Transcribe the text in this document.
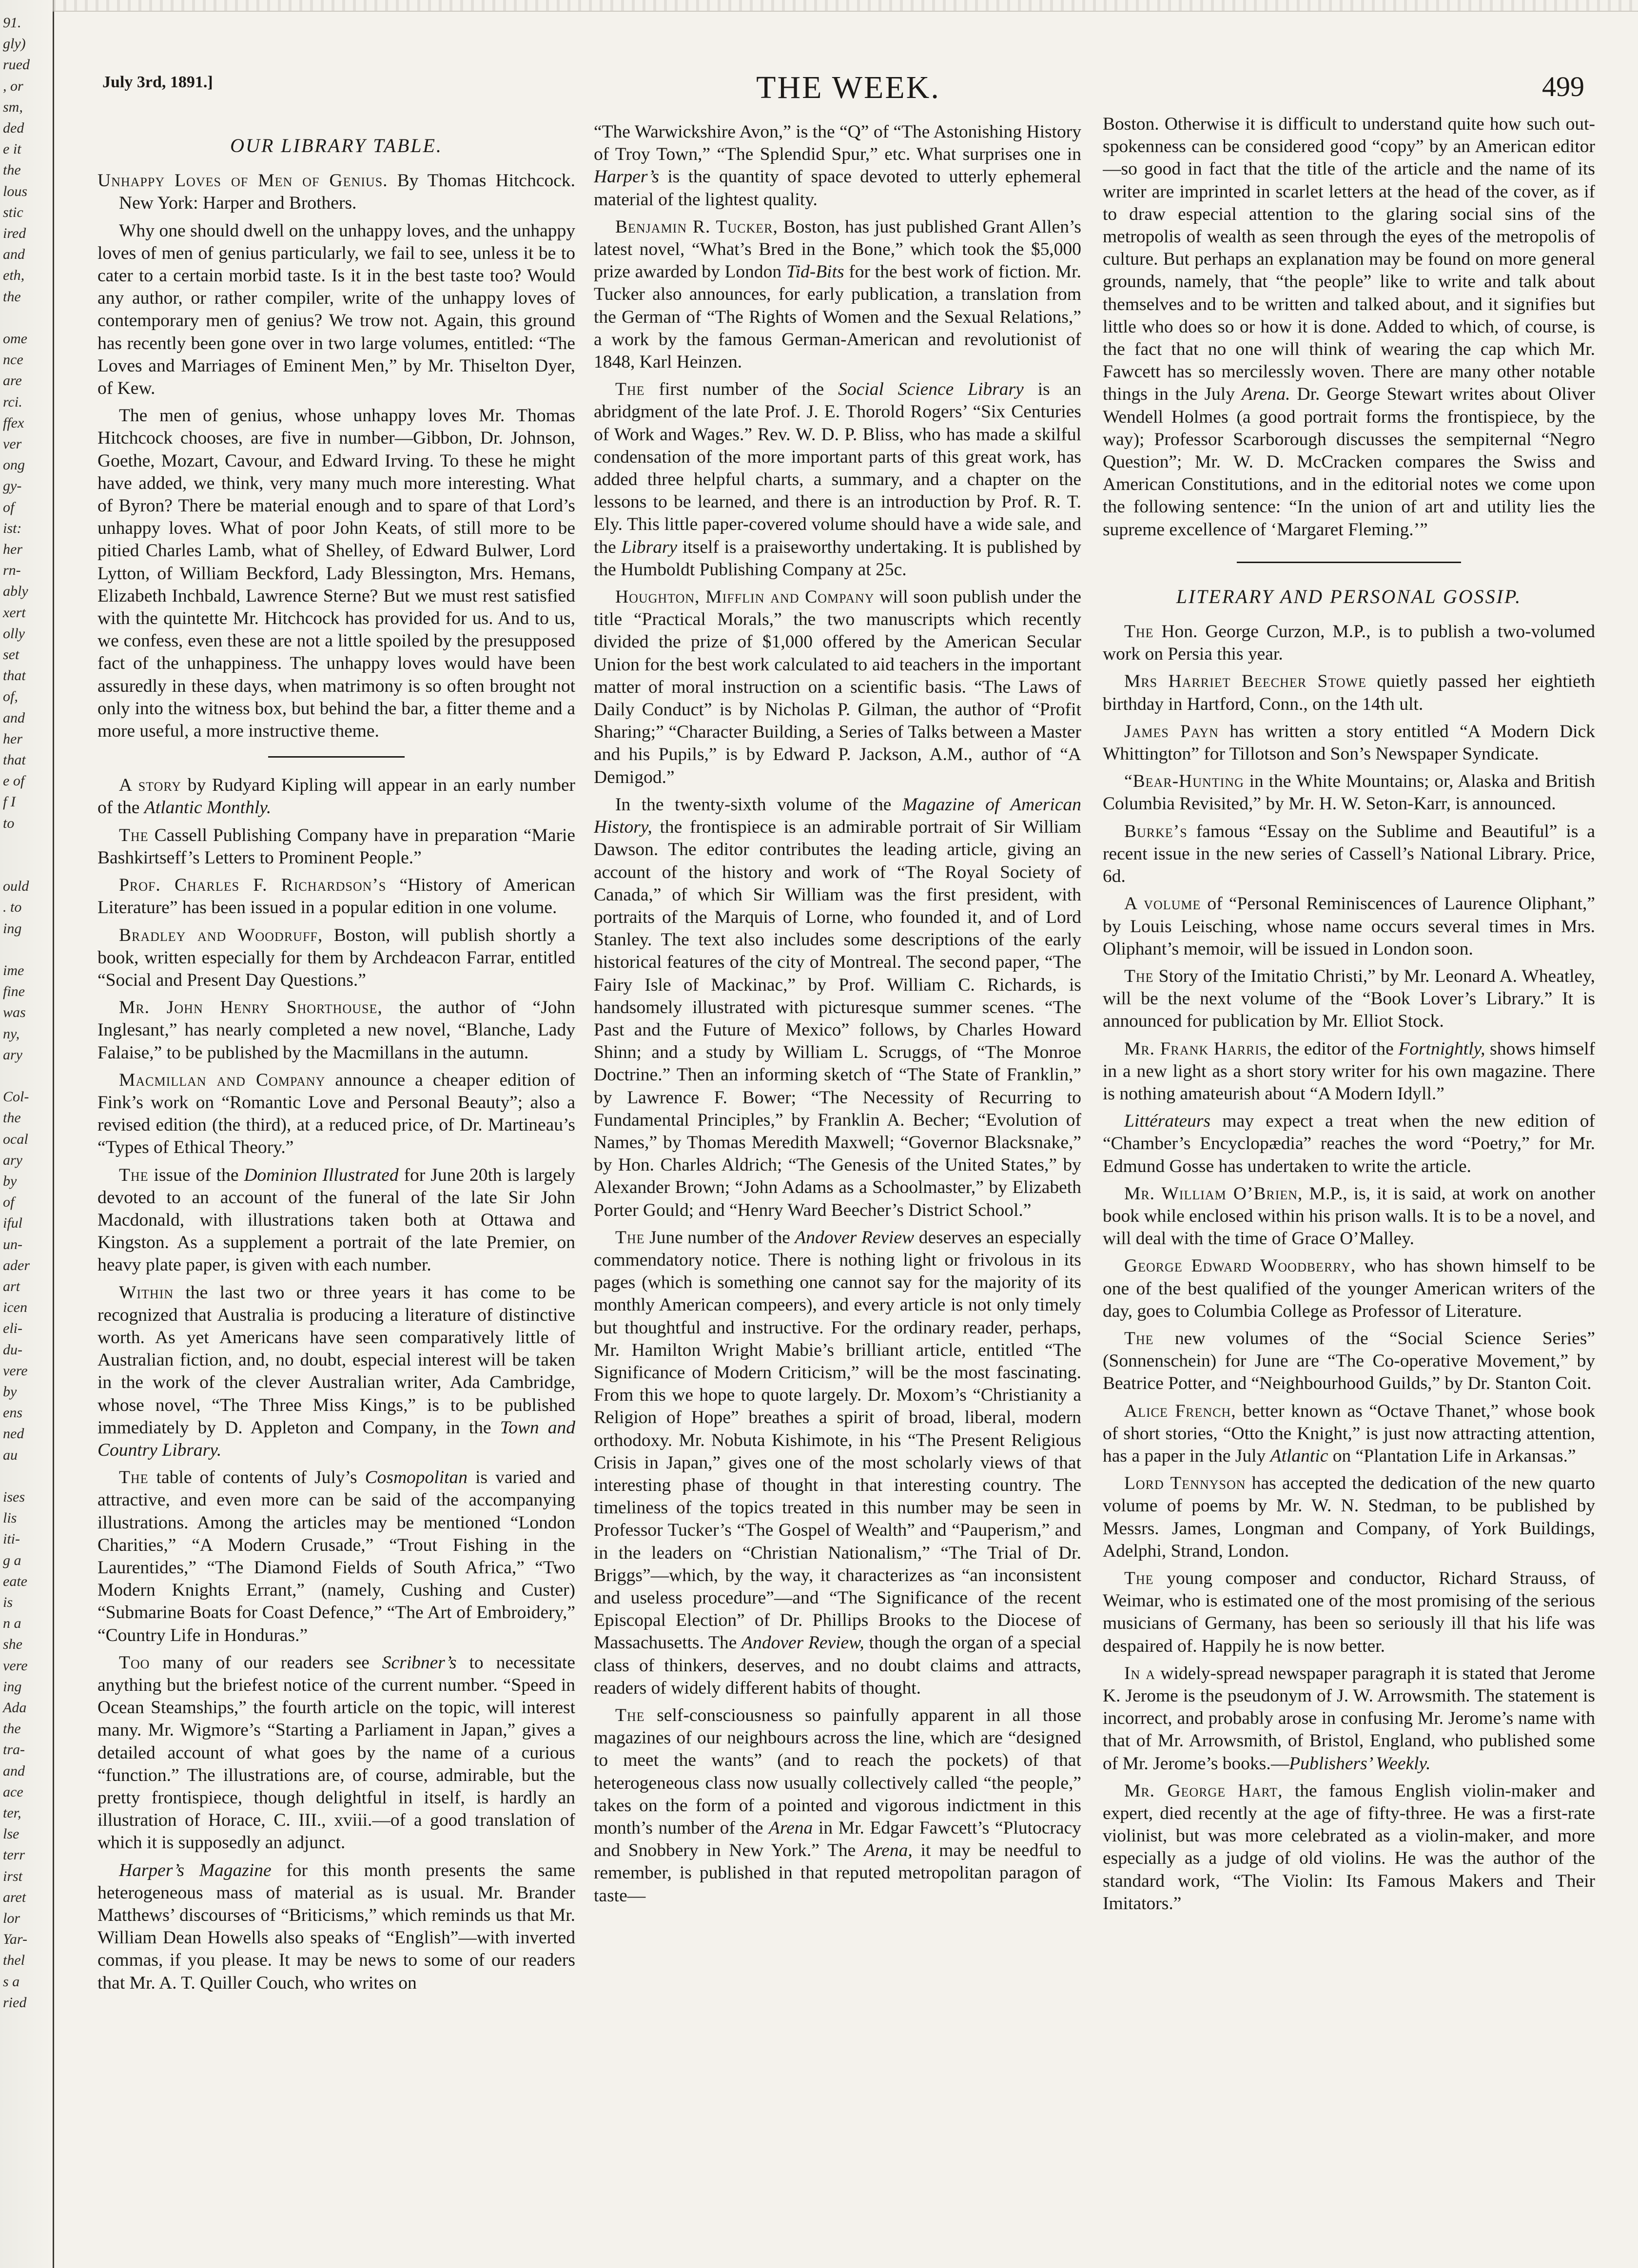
91.
gly)
rued
, or
sm,
ded
e it
the
lous
stic
ired
and
eth,
the
ome
nce
are
rci.
ffex
ver
ong
gy-
of
ist:
her
rn-
ably
xert
olly
set
that
of,
and
her
that
e of
f I
to
ould
. to
ing
ime
fine
was
ny,
ary
Col-
the
ocal
ary
by
of
iful
un-
ader
art
icen
eli-
du-
vere
by
ens
ned
au
ises
lis
iti-
g a
eate
is
n a
she
vere
ing
Ada
the
tra-
and
ace
ter,
lse
terr
irst
aret
lor
Yar-
thel
s a
ried
July 3rd, 1891.]	THE WEEK.	499
OUR LIBRARY TABLE.

Unhappy Loves of Men of Genius. By Thomas Hitchcock. New York: Harper and Brothers.

Why one should dwell on the unhappy loves, and the unhappy loves of men of genius particularly, we fail to see, unless it be to cater to a certain morbid taste. Is it in the best taste too? Would any author, or rather compiler, write of the unhappy loves of contemporary men of genius? We trow not. Again, this ground has recently been gone over in two large volumes, entitled: “The Loves and Marriages of Eminent Men,” by Mr. Thiselton Dyer, of Kew.

The men of genius, whose unhappy loves Mr. Thomas Hitchcock chooses, are five in number—Gibbon, Dr. Johnson, Goethe, Mozart, Cavour, and Edward Irving. To these he might have added, we think, very many much more interesting. What of Byron? There be material enough and to spare of that Lord’s unhappy loves. What of poor John Keats, of still more to be pitied Charles Lamb, what of Shelley, of Edward Bulwer, Lord Lytton, of William Beckford, Lady Blessington, Mrs. Hemans, Elizabeth Inchbald, Lawrence Sterne? But we must rest satisfied with the quintette Mr. Hitchcock has provided for us. And to us, we confess, even these are not a little spoiled by the presupposed fact of the unhappiness. The unhappy loves would have been assuredly in these days, when matrimony is so often brought not only into the witness box, but behind the bar, a fitter theme and a more useful, a more instructive theme.

A story by Rudyard Kipling will appear in an early number of the Atlantic Monthly.

The Cassell Publishing Company have in preparation “Marie Bashkirtseff’s Letters to Prominent People.”

Prof. Charles F. Richardson’s “History of American Literature” has been issued in a popular edition in one volume.

Bradley and Woodruff, Boston, will publish shortly a book, written especially for them by Archdeacon Farrar, entitled “Social and Present Day Questions.”

Mr. John Henry Shorthouse, the author of “John Inglesant,” has nearly completed a new novel, “Blanche, Lady Falaise,” to be published by the Macmillans in the autumn.

Macmillan and Company announce a cheaper edition of Fink’s work on “Romantic Love and Personal Beauty”; also a revised edition (the third), at a reduced price, of Dr. Martineau’s “Types of Ethical Theory.”

The issue of the Dominion Illustrated for June 20th is largely devoted to an account of the funeral of the late Sir John Macdonald, with illustrations taken both at Ottawa and Kingston. As a supplement a portrait of the late Premier, on heavy plate paper, is given with each number.

Within the last two or three years it has come to be recognized that Australia is producing a literature of distinctive worth. As yet Americans have seen comparatively little of Australian fiction, and, no doubt, especial interest will be taken in the work of the clever Australian writer, Ada Cambridge, whose novel, “The Three Miss Kings,” is to be published immediately by D. Appleton and Company, in the Town and Country Library.

The table of contents of July’s Cosmopolitan is varied and attractive, and even more can be said of the accompanying illustrations. Among the articles may be mentioned “London Charities,” “A Modern Crusade,” “Trout Fishing in the Laurentides,” “The Diamond Fields of South Africa,” “Two Modern Knights Errant,” (namely, Cushing and Custer) “Submarine Boats for Coast Defence,” “The Art of Embroidery,” “Country Life in Honduras.”

Too many of our readers see Scribner’s to necessitate anything but the briefest notice of the current number. “Speed in Ocean Steamships,” the fourth article on the topic, will interest many. Mr. Wigmore’s “Starting a Parliament in Japan,” gives a detailed account of what goes by the name of a curious “function.” The illustrations are, of course, admirable, but the pretty frontispiece, though delightful in itself, is hardly an illustration of Horace, C. III., xviii.—of a good translation of which it is supposedly an adjunct.

Harper’s Magazine for this month presents the same heterogeneous mass of material as is usual. Mr. Brander Matthews’ discourses of “Briticisms,” which reminds us that Mr. William Dean Howells also speaks of “English”—with inverted commas, if you please. It may be news to some of our readers that Mr. A. T. Quiller Couch, who writes on

“The Warwickshire Avon,” is the “Q” of “The Astonishing History of Troy Town,” “The Splendid Spur,” etc. What surprises one in Harper’s is the quantity of space devoted to utterly ephemeral material of the lightest quality.

Benjamin R. Tucker, Boston, has just published Grant Allen’s latest novel, “What’s Bred in the Bone,” which took the $5,000 prize awarded by London Tid-Bits for the best work of fiction. Mr. Tucker also announces, for early publication, a translation from the German of “The Rights of Women and the Sexual Relations,” a work by the famous German-American and revolutionist of 1848, Karl Heinzen.

The first number of the Social Science Library is an abridgment of the late Prof. J. E. Thorold Rogers’ “Six Centuries of Work and Wages.” Rev. W. D. P. Bliss, who has made a skilful condensation of the more important parts of this great work, has added three helpful charts, a summary, and a chapter on the lessons to be learned, and there is an introduction by Prof. R. T. Ely. This little paper-covered volume should have a wide sale, and the Library itself is a praiseworthy undertaking. It is published by the Humboldt Publishing Company at 25c.

Houghton, Mifflin and Company will soon publish under the title “Practical Morals,” the two manuscripts which recently divided the prize of $1,000 offered by the American Secular Union for the best work calculated to aid teachers in the important matter of moral instruction on a scientific basis. “The Laws of Daily Conduct” is by Nicholas P. Gilman, the author of “Profit Sharing;” “Character Building, a Series of Talks between a Master and his Pupils,” is by Edward P. Jackson, A.M., author of “A Demigod.”

In the twenty-sixth volume of the Magazine of American History, the frontispiece is an admirable portrait of Sir William Dawson. The editor contributes the leading article, giving an account of the history and work of “The Royal Society of Canada,” of which Sir William was the first president, with portraits of the Marquis of Lorne, who founded it, and of Lord Stanley. The text also includes some descriptions of the early historical features of the city of Montreal. The second paper, “The Fairy Isle of Mackinac,” by Prof. William C. Richards, is handsomely illustrated with picturesque summer scenes. “The Past and the Future of Mexico” follows, by Charles Howard Shinn; and a study by William L. Scruggs, of “The Monroe Doctrine.” Then an informing sketch of “The State of Franklin,” by Lawrence F. Bower; “The Necessity of Recurring to Fundamental Principles,” by Franklin A. Becher; “Evolution of Names,” by Thomas Meredith Maxwell; “Governor Blacksnake,” by Hon. Charles Aldrich; “The Genesis of the United States,” by Alexander Brown; “John Adams as a Schoolmaster,” by Elizabeth Porter Gould; and “Henry Ward Beecher’s District School.”

The June number of the Andover Review deserves an especially commendatory notice. There is nothing light or frivolous in its pages (which is something one cannot say for the majority of its monthly American compeers), and every article is not only timely but thoughtful and instructive. For the ordinary reader, perhaps, Mr. Hamilton Wright Mabie’s brilliant article, entitled “The Significance of Modern Criticism,” will be the most fascinating. From this we hope to quote largely. Dr. Moxom’s “Christianity a Religion of Hope” breathes a spirit of broad, liberal, modern orthodoxy. Mr. Nobuta Kishimote, in his “The Present Religious Crisis in Japan,” gives one of the most scholarly views of that interesting phase of thought in that interesting country. The timeliness of the topics treated in this number may be seen in Professor Tucker’s “The Gospel of Wealth” and “Pauperism,” and in the leaders on “Christian Nationalism,” “The Trial of Dr. Briggs”—which, by the way, it characterizes as “an inconsistent and useless procedure”—and “The Significance of the recent Episcopal Election” of Dr. Phillips Brooks to the Diocese of Massachusetts. The Andover Review, though the organ of a special class of thinkers, deserves, and no doubt claims and attracts, readers of widely different habits of thought.

The self-consciousness so painfully apparent in all those magazines of our neighbours across the line, which are “designed to meet the wants” (and to reach the pockets) of that heterogeneous class now usually collectively called “the people,” takes on the form of a pointed and vigorous indictment in this month’s number of the Arena in Mr. Edgar Fawcett’s “Plutocracy and Snobbery in New York.” The Arena, it may be needful to remember, is published in that reputed metropolitan paragon of taste—

Boston. Otherwise it is difficult to understand quite how such out-spokenness can be considered good “copy” by an American editor—so good in fact that the title of the article and the name of its writer are imprinted in scarlet letters at the head of the cover, as if to draw especial attention to the glaring social sins of the metropolis of wealth as seen through the eyes of the metropolis of culture. But perhaps an explanation may be found on more general grounds, namely, that “the people” like to write and talk about themselves and to be written and talked about, and it signifies but little who does so or how it is done. Added to which, of course, is the fact that no one will think of wearing the cap which Mr. Fawcett has so mercilessly woven. There are many other notable things in the July Arena. Dr. George Stewart writes about Oliver Wendell Holmes (a good portrait forms the frontispiece, by the way); Professor Scarborough discusses the sempiternal “Negro Question”; Mr. W. D. McCracken compares the Swiss and American Constitutions, and in the editorial notes we come upon the following sentence: “In the union of art and utility lies the supreme excellence of ‘Margaret Fleming.’”

LITERARY AND PERSONAL GOSSIP.

The Hon. George Curzon, M.P., is to publish a two-volumed work on Persia this year.

Mrs Harriet Beecher Stowe quietly passed her eightieth birthday in Hartford, Conn., on the 14th ult.

James Payn has written a story entitled “A Modern Dick Whittington” for Tillotson and Son’s Newspaper Syndicate.

“Bear-Hunting in the White Mountains; or, Alaska and British Columbia Revisited,” by Mr. H. W. Seton-Karr, is announced.

Burke’s famous “Essay on the Sublime and Beautiful” is a recent issue in the new series of Cassell’s National Library. Price, 6d.

A volume of “Personal Reminiscences of Laurence Oliphant,” by Louis Leisching, whose name occurs several times in Mrs. Oliphant’s memoir, will be issued in London soon.

The Story of the Imitatio Christi,” by Mr. Leonard A. Wheatley, will be the next volume of the “Book Lover’s Library.” It is announced for publication by Mr. Elliot Stock.

Mr. Frank Harris, the editor of the Fortnightly, shows himself in a new light as a short story writer for his own magazine. There is nothing amateurish about “A Modern Idyll.”

Littérateurs may expect a treat when the new edition of “Chamber’s Encyclopædia” reaches the word “Poetry,” for Mr. Edmund Gosse has undertaken to write the article.

Mr. William O’Brien, M.P., is, it is said, at work on another book while enclosed within his prison walls. It is to be a novel, and will deal with the time of Grace O’Malley.

George Edward Woodberry, who has shown himself to be one of the best qualified of the younger American writers of the day, goes to Columbia College as Professor of Literature.

The new volumes of the “Social Science Series” (Sonnenschein) for June are “The Co-operative Movement,” by Beatrice Potter, and “Neighbourhood Guilds,” by Dr. Stanton Coit.

Alice French, better known as “Octave Thanet,” whose book of short stories, “Otto the Knight,” is just now attracting attention, has a paper in the July Atlantic on “Plantation Life in Arkansas.”

Lord Tennyson has accepted the dedication of the new quarto volume of poems by Mr. W. N. Stedman, to be published by Messrs. James, Longman and Company, of York Buildings, Adelphi, Strand, London.

The young composer and conductor, Richard Strauss, of Weimar, who is estimated one of the most promising of the serious musicians of Germany, has been so seriously ill that his life was despaired of. Happily he is now better.

In a widely-spread newspaper paragraph it is stated that Jerome K. Jerome is the pseudonym of J. W. Arrowsmith. The statement is incorrect, and probably arose in confusing Mr. Jerome’s name with that of Mr. Arrowsmith, of Bristol, England, who published some of Mr. Jerome’s books.—Publishers’ Weekly.

Mr. George Hart, the famous English violin-maker and expert, died recently at the age of fifty-three. He was a first-rate violinist, but was more celebrated as a violin-maker, and more especially as a judge of old violins. He was the author of the standard work, “The Violin: Its Famous Makers and Their Imitators.”
